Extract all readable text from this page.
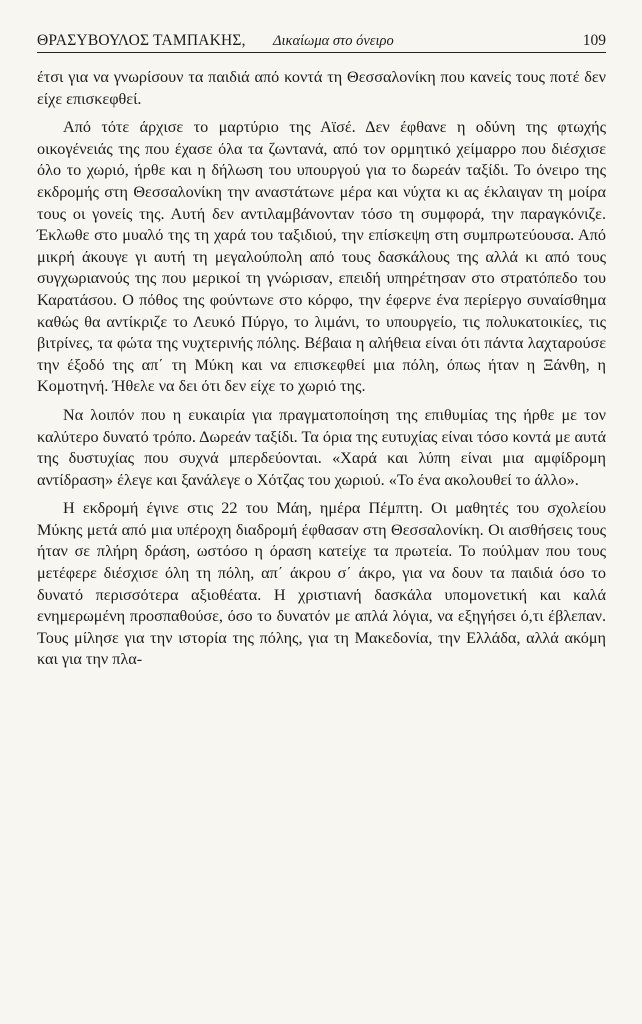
ΘΡΑΣΥΒΟΥΛΟΣ ΤΑΜΠΑΚΗΣ, Δικαίωμα στο όνειρο	109

έτσι για να γνωρίσουν τα παιδιά από κοντά τη Θεσσαλονίκη που κανείς τους ποτέ δεν είχε επισκεφθεί.

Από τότε άρχισε το μαρτύριο της Αϊσέ. Δεν έφθανε η οδύνη της φτωχής οικογένειάς της που έχασε όλα τα ζωντανά, από τον ορμητικό χείμαρρο που διέσχισε όλο το χωριό, ήρθε και η δήλωση του υπουργού για το δωρεάν ταξίδι. Το όνειρο της εκδρομής στη Θεσσαλονίκη την αναστάτωνε μέρα και νύχτα κι ας έκλαιγαν τη μοίρα τους οι γονείς της. Αυτή δεν αντιλαμβάνονταν τόσο τη συμφορά, την παραγκόνιζε. Έκλωθε στο μυαλό της τη χαρά του ταξιδιού, την επίσκεψη στη συμπρωτεύουσα. Από μικρή άκουγε γι αυτή τη μεγαλούπολη από τους δασκάλους της αλλά κι από τους συγχωριανούς της που μερικοί τη γνώρισαν, επειδή υπηρέτησαν στο στρατόπεδο του Καρατάσου. Ο πόθος της φούντωνε στο κόρφο, την έφερνε ένα περίεργο συναίσθημα καθώς θα αντίκριζε το Λευκό Πύργο, το λιμάνι, το υπουργείο, τις πολυκατοικίες, τις βιτρίνες, τα φώτα της νυχτερινής πόλης. Βέβαια η αλήθεια είναι ότι πάντα λαχταρούσε την έξοδό της απ΄ τη Μύκη και να επισκεφθεί μια πόλη, όπως ήταν η Ξάνθη, η Κομοτηνή. Ήθελε να δει ότι δεν είχε το χωριό της.

Να λοιπόν που η ευκαιρία για πραγματοποίηση της επιθυμίας της ήρθε με τον καλύτερο δυνατό τρόπο. Δωρεάν ταξίδι. Τα όρια της ευτυχίας είναι τόσο κοντά με αυτά της δυστυχίας που συχνά μπερδεύονται. «Χαρά και λύπη είναι μια αμφίδρομη αντίδραση» έλεγε και ξανάλεγε ο Χότζας του χωριού. «Το ένα ακολουθεί το άλλο».

Η εκδρομή έγινε στις 22 του Μάη, ημέρα Πέμπτη. Οι μαθητές του σχολείου Μύκης μετά από μια υπέροχη διαδρομή έφθασαν στη Θεσσαλονίκη. Οι αισθήσεις τους ήταν σε πλήρη δράση, ωστόσο η όραση κατείχε τα πρωτεία. Το πούλμαν που τους μετέφερε διέσχισε όλη τη πόλη, απ΄ άκρου σ΄ άκρο, για να δουν τα παιδιά όσο το δυνατό περισσότερα αξιοθέατα. Η χριστιανή δασκάλα υπομονετική και καλά ενημερωμένη προσπαθούσε, όσο το δυνατόν με απλά λόγια, να εξηγήσει ό,τι έβλεπαν. Τους μίλησε για την ιστορία της πόλης, για τη Μακεδονία, την Ελλάδα, αλλά ακόμη και για την πλα-
